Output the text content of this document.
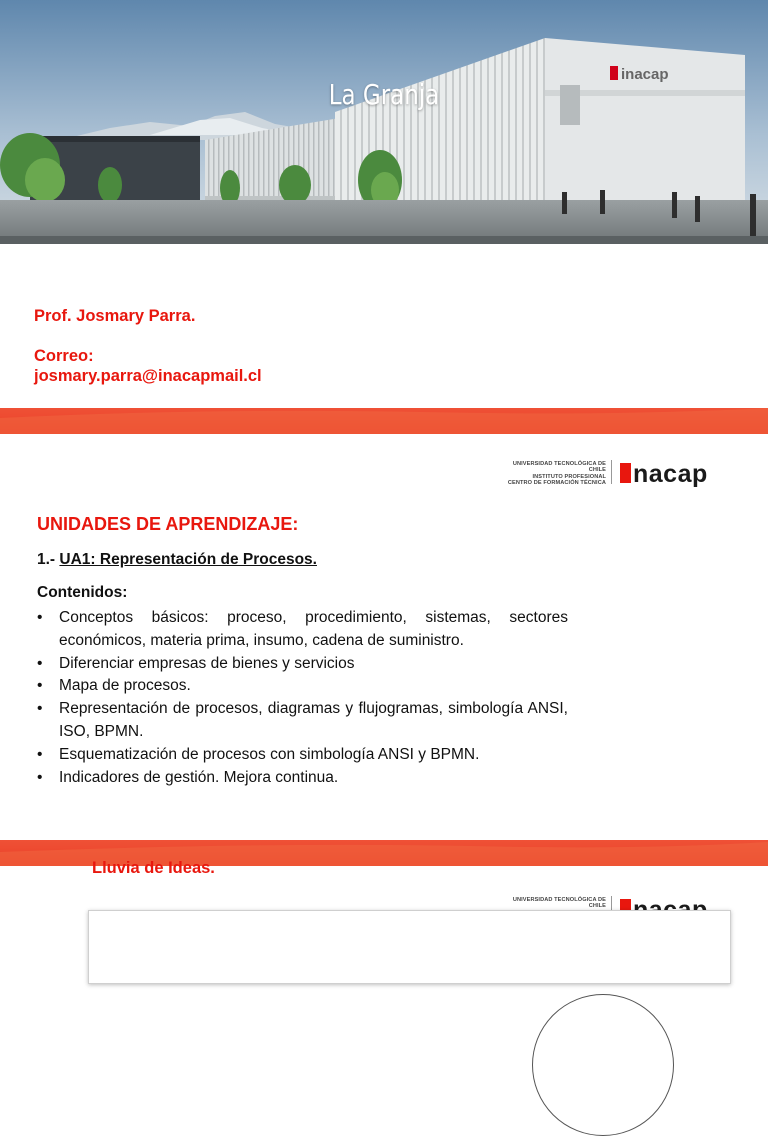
inacap
La Granja
Prof. Josmary Parra.
Correo:
josmary.parra@inacapmail.cl
UNIVERSIDAD TECNOLÓGICA DE CHILE
INSTITUTO PROFESIONAL
CENTRO DE FORMACIÓN TÉCNICA nacap
UNIDADES DE APRENDIZAJE:
1.- UA1: Representación de Procesos.
Contenidos:
• Conceptos básicos: proceso, procedimiento, sistemas, sectores económicos, materia prima, insumo, cadena de suministro.
• Diferenciar empresas de bienes y servicios
• Mapa de procesos.
• Representación de procesos, diagramas y flujogramas, simbología ANSI, ISO, BPMN.
• Esquematización de procesos con simbología ANSI y BPMN.
• Indicadores de gestión. Mejora continua.
Lluvia de Ideas.
UNIVERSIDAD TECNOLÓGICA DE CHILE
